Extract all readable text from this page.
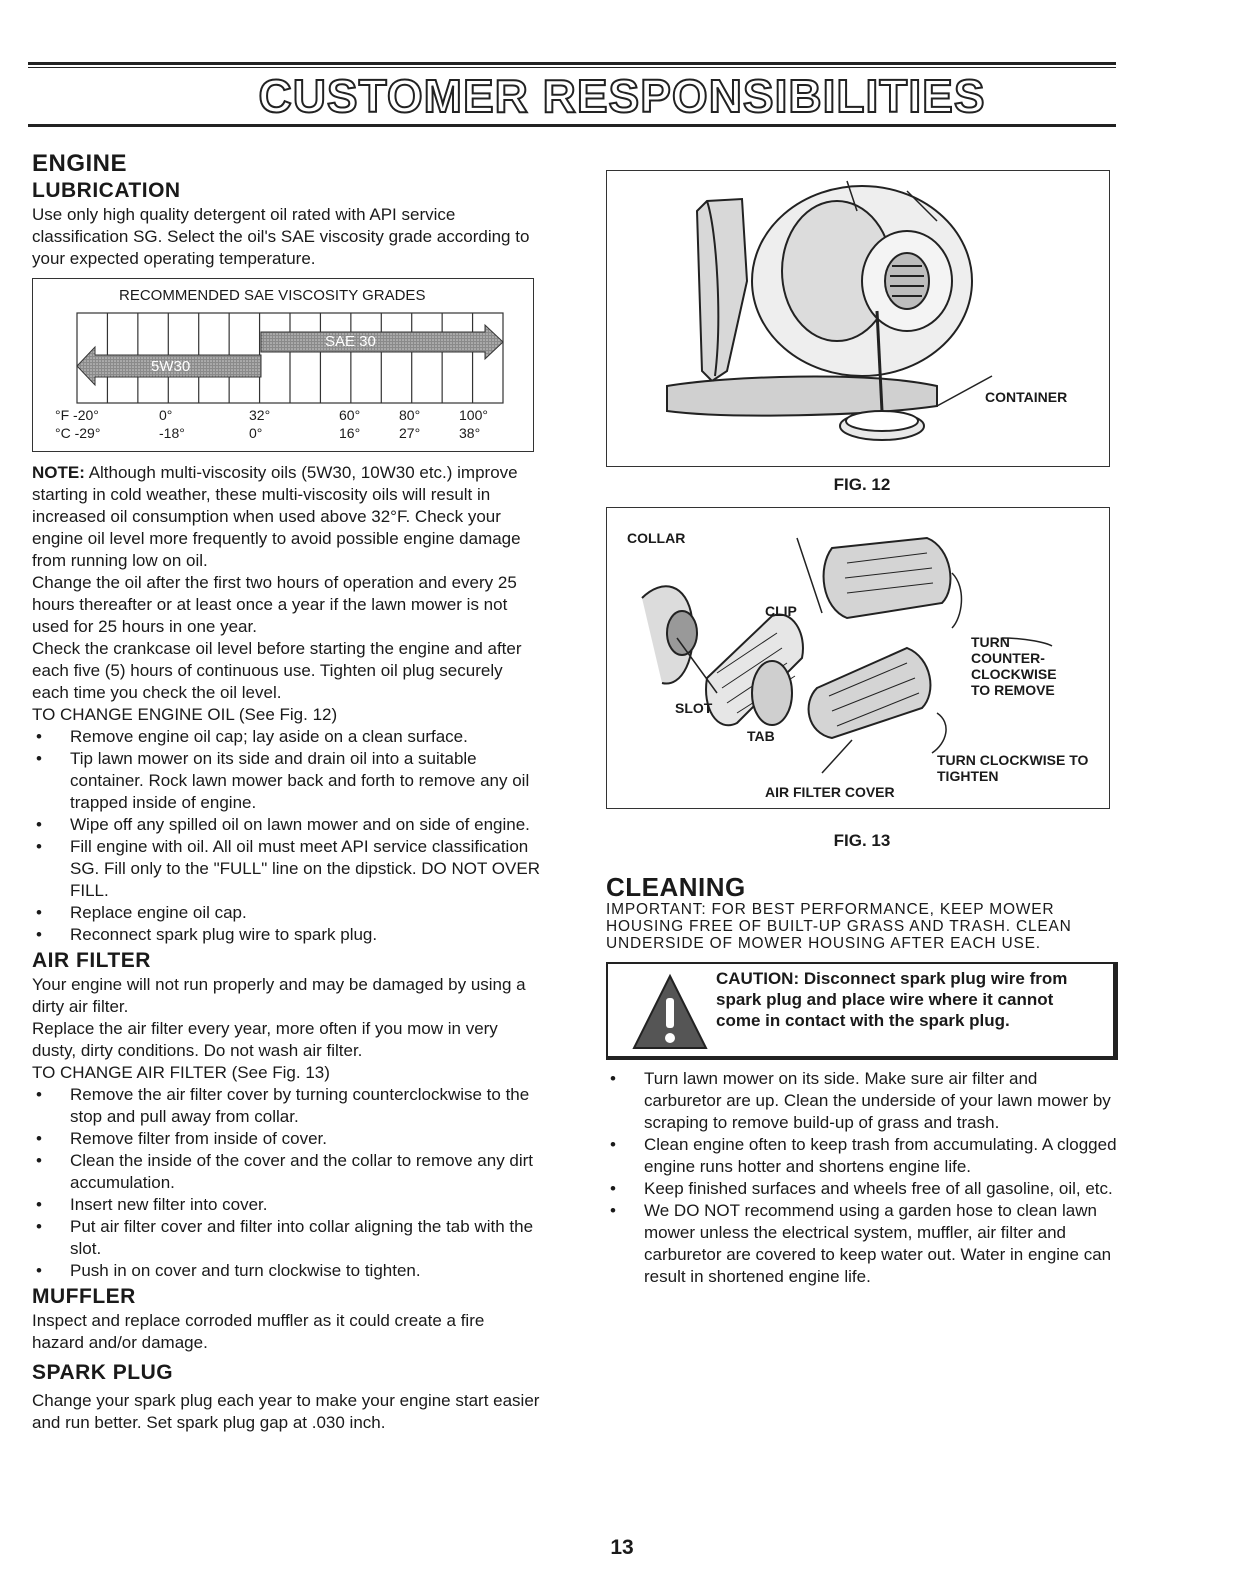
CUSTOMER RESPONSIBILITIES
ENGINE
LUBRICATION

Use only high quality detergent oil rated with API service classification SG. Select the oil's SAE viscosity grade according to your expected operating temperature.

RECOMMENDED SAE VISCOSITY GRADES
SAE 30
5W30
°F -20°	0°	32°	60°	80°	100°
°C -29°	-18°	0°	16°	27°	38°

NOTE: Although multi-viscosity oils (5W30, 10W30 etc.) improve starting in cold weather, these multi-viscosity oils will result in increased oil consumption when used above 32°F. Check your engine oil level more frequently to avoid possible engine damage from running low on oil.

Change the oil after the first two hours of operation and every 25 hours thereafter or at least once a year if the lawn mower is not used for 25 hours in one year.

Check the crankcase oil level before starting the engine and after each five (5) hours of continuous use. Tighten oil plug securely each time you check the oil level.

TO CHANGE ENGINE OIL (See Fig. 12)

• Remove engine oil cap; lay aside on a clean surface.
• Tip lawn mower on its side and drain oil into a suitable container. Rock lawn mower back and forth to remove any oil trapped inside of engine.
• Wipe off any spilled oil on lawn mower and on side of engine.
• Fill engine with oil. All oil must meet API service classification SG. Fill only to the "FULL" line on the dipstick. DO NOT OVER FILL.
• Replace engine oil cap.
• Reconnect spark plug wire to spark plug.
AIR FILTER

Your engine will not run properly and may be damaged by using a dirty air filter.

Replace the air filter every year, more often if you mow in very dusty, dirty conditions. Do not wash air filter.

TO CHANGE AIR FILTER (See Fig. 13)

• Remove the air filter cover by turning counterclockwise to the stop and pull away from collar.
• Remove filter from inside of cover.
• Clean the inside of the cover and the collar to remove any dirt accumulation.
• Insert new filter into cover.
• Put air filter cover and filter into collar aligning the tab with the slot.
• Push in on cover and turn clockwise to tighten.
MUFFLER

Inspect and replace corroded muffler as it could create a fire hazard and/or damage.

SPARK PLUG

Change your spark plug each year to make your engine start easier and run better. Set spark plug gap at .030 inch.

CONTAINER
FIG. 12
COLLAR
CLIP
TURN COUNTER-CLOCKWISE TO REMOVE
SLOT
TAB
TURN CLOCKWISE TO TIGHTEN
AIR FILTER COVER
FIG. 13
CLEANING

IMPORTANT: FOR BEST PERFORMANCE, KEEP MOWER HOUSING FREE OF BUILT-UP GRASS AND TRASH. CLEAN UNDERSIDE OF MOWER HOUSING AFTER EACH USE.

CAUTION: Disconnect spark plug wire from spark plug and place wire where it cannot come in contact with the spark plug.
• Turn lawn mower on its side. Make sure air filter and carburetor are up. Clean the underside of your lawn mower by scraping to remove build-up of grass and trash.
• Clean engine often to keep trash from accumulating. A clogged engine runs hotter and shortens engine life.
• Keep finished surfaces and wheels free of all gasoline, oil, etc.
• We DO NOT recommend using a garden hose to clean lawn mower unless the electrical system, muffler, air filter and carburetor are covered to keep water out. Water in engine can result in shortened engine life.
13
